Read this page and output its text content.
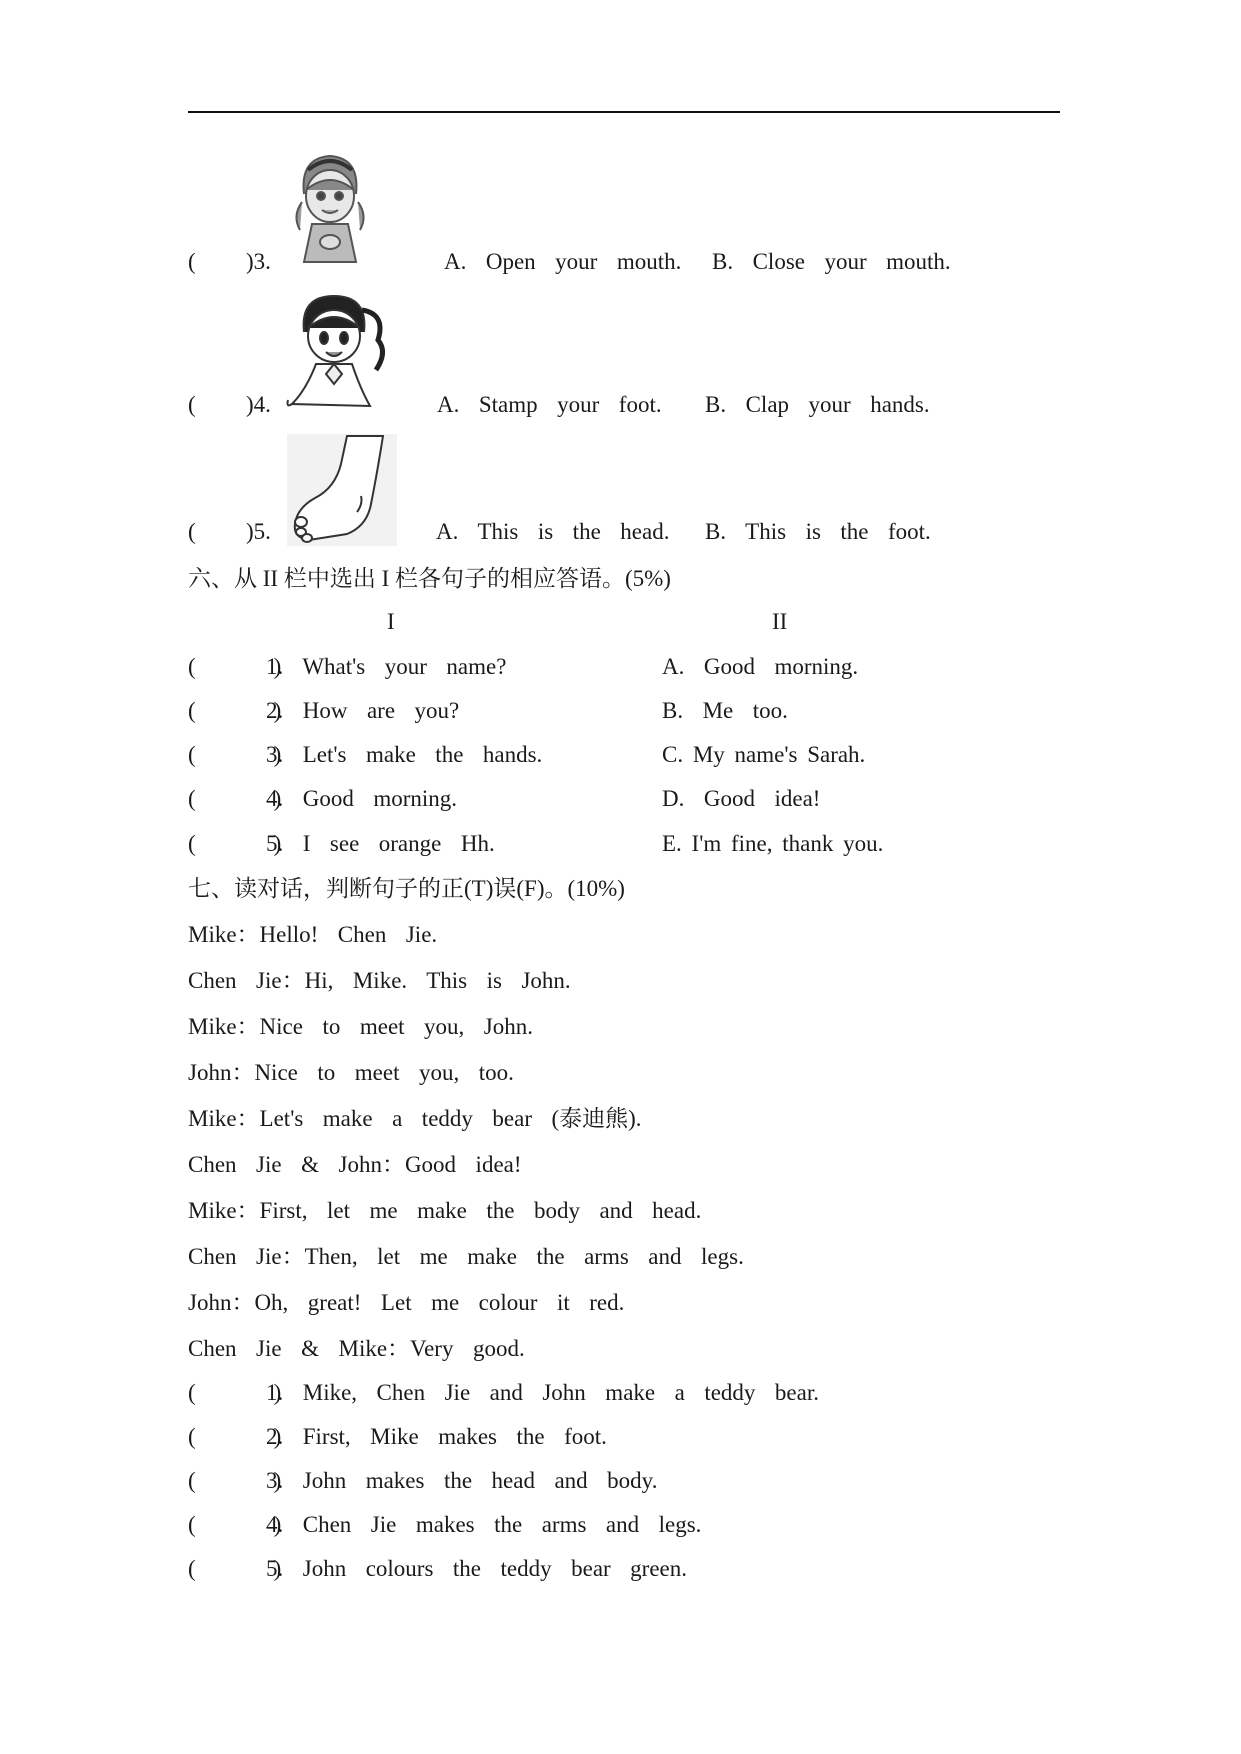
( )3.	A.  Open  your  mouth. B.  Close  your  mouth.
( )4.	A.  Stamp  your  foot. B.  Clap  your  hands.
( )5.	A.  This  is  the  head. B.  This  is  the  foot.
六、从 II 栏中选出 I 栏各句子的相应答语。(5%)
I	II
(        )
1.  What's  your  name?	A.  Good  morning.
(        )
2.  How  are  you?	B.  Me  too.
(        )
3.  Let's  make  the  hands.	C. My name's Sarah.
(        )
4.  Good  morning.	D.  Good  idea!
(        )
5.  I  see  orange  Hh.	E. I'm fine, thank you.
七、读对话，判断句子的正(T)误(F)。(10%)
Mike：Hello!  Chen  Jie.
Chen  Jie：Hi,  Mike.  This  is  John.
Mike：Nice  to  meet  you,  John.
John：Nice  to  meet  you,  too.
Mike：Let's  make  a  teddy  bear  (泰迪熊).
Chen  Jie  &  John：Good  idea!
Mike：First,  let  me  make  the  body  and  head.
Chen  Jie：Then,  let  me  make  the  arms  and  legs.
John：Oh,  great!  Let  me  colour  it  red.
Chen  Jie  &  Mike：Very  good.
(        )
1.  Mike,  Chen  Jie  and  John  make  a  teddy  bear.
(        )
2.  First,  Mike  makes  the  foot.
(        )
3.  John  makes  the  head  and  body.
(        )
4.  Chen  Jie  makes  the  arms  and  legs.
(        )
5.  John  colours  the  teddy  bear  green.
